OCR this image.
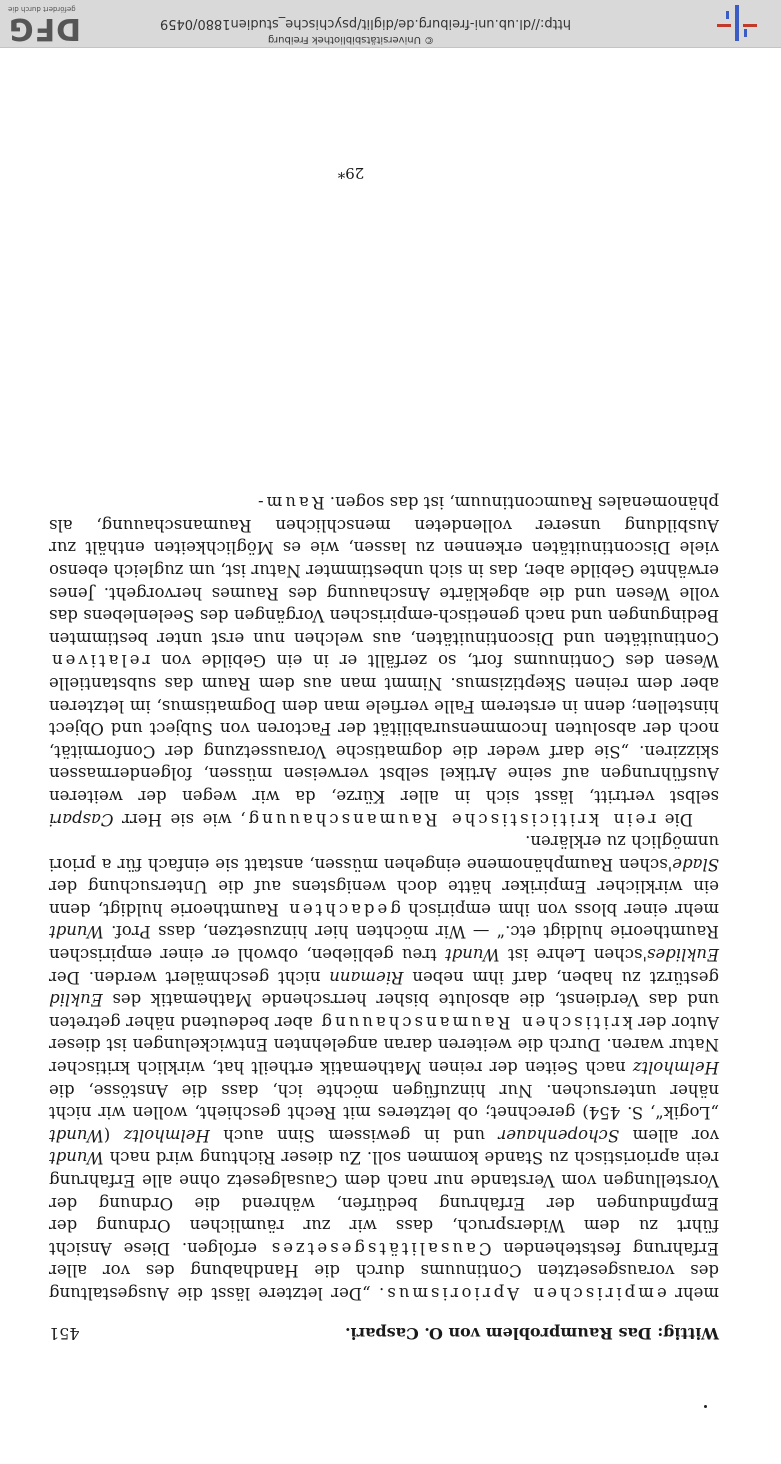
Wittig: Das Raumproblem von O. Caspari.
451

mehr empirischen Apriorismus. „Der letztere lässt die Ausgestaltung des vorausgesetzten Continuums durch die Handhabung des vor aller Erfahrung feststehenden Causalitätsgesetzes erfolgen. Diese Ansicht führt zu dem Widerspruch, dass wir zur räumlichen Ordnung der Empfindungen der Erfahrung bedürfen, während die Ordnung der Vorstellungen vom Verstande nur nach dem Causalgesetz ohne alle Erfahrung rein aprioristisch zu Stande kommen soll. Zu dieser Richtung wird nach Wundt vor allem Schopenhauer und in gewissem Sinn auch Helmholtz (Wundt „Logik“, S. 454) gerechnet; ob letzteres mit Recht geschieht, wollen wir nicht näher untersuchen. Nur hinzufügen möchte ich, dass die Anstösse, die Helmholtz nach Seiten der reinen Mathematik ertheilt hat, wirklich kritischer Natur waren. Durch die weiteren daran angelehnten Entwickelungen ist dieser Autor der kritischen Raumanschauung aber bedeutend näher getreten und das Verdienst, die absolute bisher herrschende Mathematik des Euklid gestürzt zu haben, darf ihm neben Riemann nicht geschmälert werden. Der Euklides'schen Lehre ist Wundt treu geblieben, obwohl er einer empirischen Raumtheorie huldigt etc.“ — Wir möchten hier hinzusetzen, dass Prof. Wundt mehr einer bloss von ihm empirisch gedachten Raumtheorie huldigt, denn ein wirklicher Empiriker hätte doch wenigstens auf die Untersuchung der Slade'schen Raumphänomene eingehen müssen, anstatt sie einfach für a priori unmöglich zu erklären.

Die rein kriticistische Raumanschauung, wie sie Herr Caspari selbst vertritt, lässt sich in aller Kürze, da wir wegen der weiteren Ausführungen auf seine Artikel selbst verweisen müssen, folgendermassen skizziren. „Sie darf weder die dogmatische Voraussetzung der Conformität, noch der absoluten Incommensurabilität der Factoren von Subject und Object hinstellen; denn in ersterem Falle verfiele man dem Dogmatismus, im letzteren aber dem reinen Skeptizismus. Nimmt man aus dem Raum das substantielle Wesen des Continuums fort, so zerfällt er in ein Gebilde von relativen Continuitäten und Discontinuitäten, aus welchen nun erst unter bestimmten Bedingungen und nach genetisch-empirischen Vorgängen des Seelenlebens das volle Wesen und die abgeklärte Anschauung des Raumes hervorgeht. Jenes erwähnte Gebilde aber, das in sich unbestimmter Natur ist, um zugleich ebenso viele Discontinuitäten erkennen zu lassen, wie es Möglichkeiten enthält zur Ausbildung unserer vollendeten menschlichen Raumanschauung, als phänomenales Raumcontinuum, ist das sogen. Raum-

29*
© Universitätsbibliothek Freiburg
http://dl.ub.uni-freiburg.de/diglit/psychische_studien1880/0459
DFG
gefördert durch die
